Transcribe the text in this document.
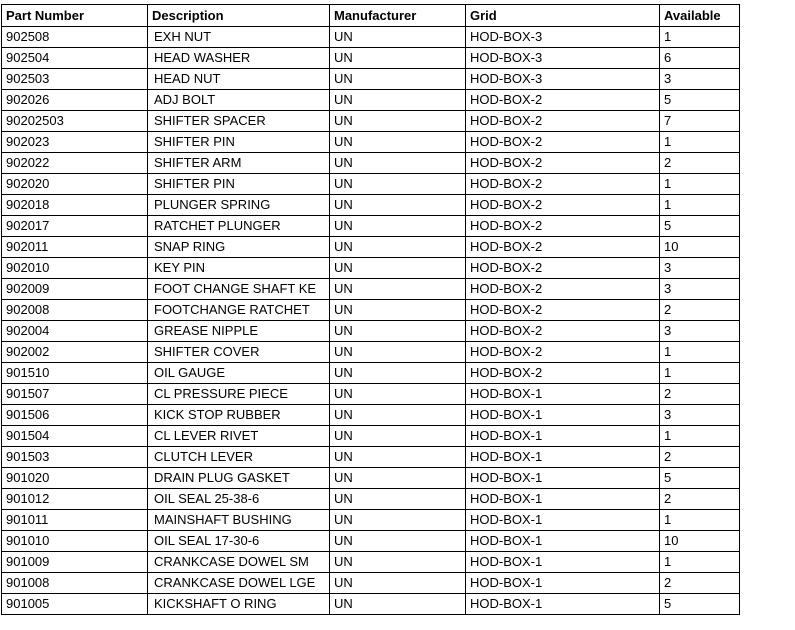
Part Number	Description	Manufacturer	Grid	Available
902508	EXH NUT	UN	HOD-BOX-3	1
902504	HEAD WASHER	UN	HOD-BOX-3	6
902503	HEAD NUT	UN	HOD-BOX-3	3
902026	ADJ BOLT	UN	HOD-BOX-2	5
90202503	SHIFTER SPACER	UN	HOD-BOX-2	7
902023	SHIFTER PIN	UN	HOD-BOX-2	1
902022	SHIFTER ARM	UN	HOD-BOX-2	2
902020	SHIFTER PIN	UN	HOD-BOX-2	1
902018	PLUNGER SPRING	UN	HOD-BOX-2	1
902017	RATCHET PLUNGER	UN	HOD-BOX-2	5
902011	SNAP RING	UN	HOD-BOX-2	10
902010	KEY PIN	UN	HOD-BOX-2	3
902009	FOOT CHANGE SHAFT KE	UN	HOD-BOX-2	3
902008	FOOTCHANGE RATCHET	UN	HOD-BOX-2	2
902004	GREASE NIPPLE	UN	HOD-BOX-2	3
902002	SHIFTER COVER	UN	HOD-BOX-2	1
901510	OIL GAUGE	UN	HOD-BOX-2	1
901507	CL PRESSURE PIECE	UN	HOD-BOX-1	2
901506	KICK STOP RUBBER	UN	HOD-BOX-1	3
901504	CL LEVER RIVET	UN	HOD-BOX-1	1
901503	CLUTCH LEVER	UN	HOD-BOX-1	2
901020	DRAIN PLUG GASKET	UN	HOD-BOX-1	5
901012	OIL SEAL 25-38-6	UN	HOD-BOX-1	2
901011	MAINSHAFT BUSHING	UN	HOD-BOX-1	1
901010	OIL SEAL 17-30-6	UN	HOD-BOX-1	10
901009	CRANKCASE DOWEL SM	UN	HOD-BOX-1	1
901008	CRANKCASE DOWEL LGE	UN	HOD-BOX-1	2
901005	KICKSHAFT O RING	UN	HOD-BOX-1	5
